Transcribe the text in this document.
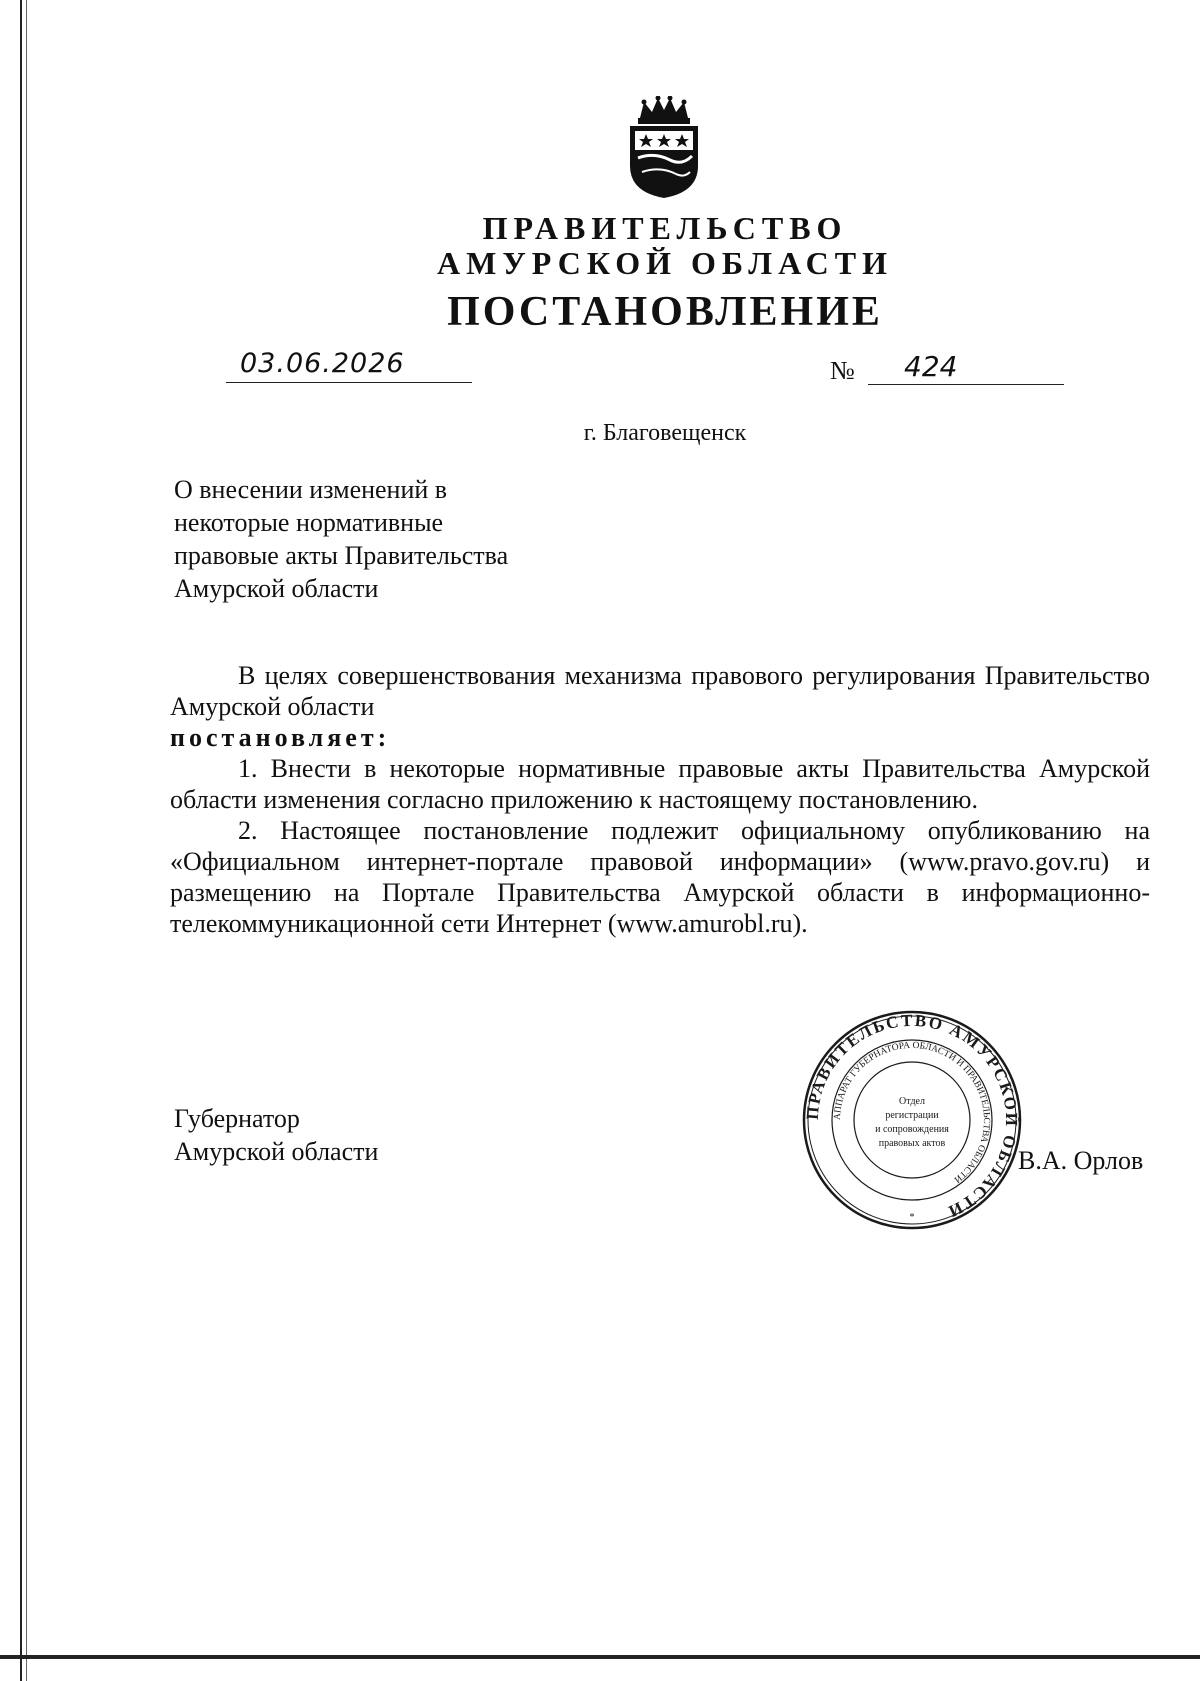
ПРАВИТЕЛЬСТВО
АМУРСКОЙ ОБЛАСТИ
ПОСТАНОВЛЕНИЕ
03.06.2026	№ 424
г. Благовещенск
О внесении изменений в
некоторые нормативные
правовые акты Правительства
Амурской области

В целях совершенствования механизма правового регулирования Правительство Амурской области

постановляет:

1. Внести в некоторые нормативные правовые акты Правительства Амурской области изменения согласно приложению к настоящему постановлению.

2. Настоящее постановление подлежит официальному опубликованию на «Официальном интернет-портале правовой информации» (www.pravo.gov.ru) и размещению на Портале Правительства Амурской области в информационно-телекоммуникационной сети Интернет (www.amurobl.ru).

Губернатор
Амурской области	В.А. Орлов
ПРАВИТЕЛЬСТВО АМУРСКОЙ ОБЛАСТИ
АППАРАТ ГУБЕРНАТОРА ОБЛАСТИ И ПРАВИТЕЛЬСТВА ОБЛАСТИ
Отдел
регистрации
и сопровождения
правовых актов
*
